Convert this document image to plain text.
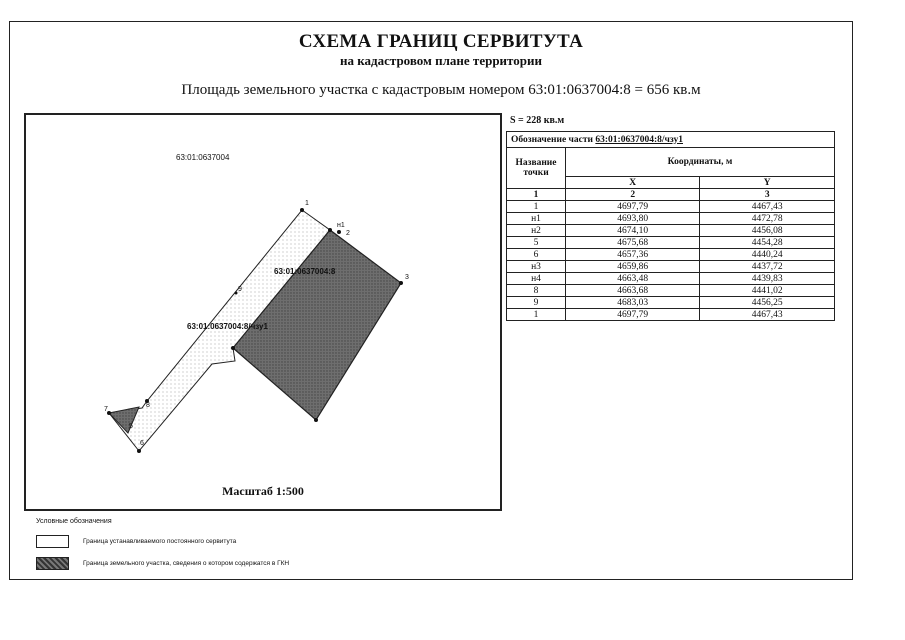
СХЕМА ГРАНИЦ СЕРВИТУТА
на кадастровом плане территории
Площадь земельного участка с кадастровым номером 63:01:0637004:8 = 656 кв.м
63:01:0637004
63:01:0637004:8
63:01:0637004:8/чзу1
1
н1
2
3
9
8
7
5
6
Масштаб 1:500
S = 228 кв.м
Обозначение части 63:01:0637004:8/чзу1		
Название точки	Координаты, м	
	X	Y
1	2	3
1	4697,79	4467,43
н1	4693,80	4472,78
н2	4674,10	4456,08
5	4675,68	4454,28
6	4657,36	4440,24
н3	4659,86	4437,72
н4	4663,48	4439,83
8	4663,68	4441,02
9	4683,03	4456,25
1	4697,79	4467,43
Условные обозначения
Граница устанавливаемого постоянного сервитута
Граница земельного участка, сведения о котором содержатся в ГКН
